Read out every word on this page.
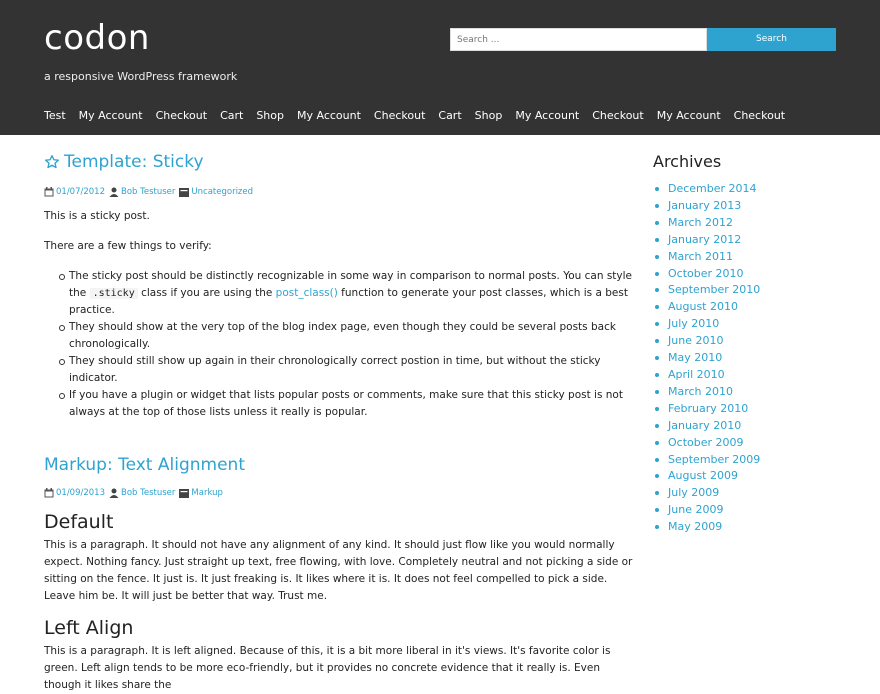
codon
a responsive WordPress framework
Search ...
Search
Test My Account Checkout Cart Shop My Account Checkout Cart Shop My Account Checkout My Account Checkout
Template: Sticky
01/07/2012 Bob Testuser Uncategorized

This is a sticky post.

There are a few things to verify:

The sticky post should be distinctly recognizable in some way in comparison to normal posts. You can style the .sticky class if you are using the post_class() function to generate your post classes, which is a best practice.
They should show at the very top of the blog index page, even though they could be several posts back chronologically.
They should still show up again in their chronologically correct postion in time, but without the sticky indicator.
If you have a plugin or widget that lists popular posts or comments, make sure that this sticky post is not always at the top of those lists unless it really is popular.
Markup: Text Alignment
01/09/2013 Bob Testuser Markup
Default

This is a paragraph. It should not have any alignment of any kind. It should just flow like you would normally expect. Nothing fancy. Just straight up text, free flowing, with love. Completely neutral and not picking a side or sitting on the fence. It just is. It just freaking is. It likes where it is. It does not feel compelled to pick a side. Leave him be. It will just be better that way. Trust me.

Left Align

This is a paragraph. It is left aligned. Because of this, it is a bit more liberal in it's views. It's favorite color is green. Left align tends to be more eco-friendly, but it provides no concrete evidence that it really is. Even though it likes share the

Archives
December 2014
January 2013
March 2012
January 2012
March 2011
October 2010
September 2010
August 2010
July 2010
June 2010
May 2010
April 2010
March 2010
February 2010
January 2010
October 2009
September 2009
August 2009
July 2009
June 2009
May 2009
